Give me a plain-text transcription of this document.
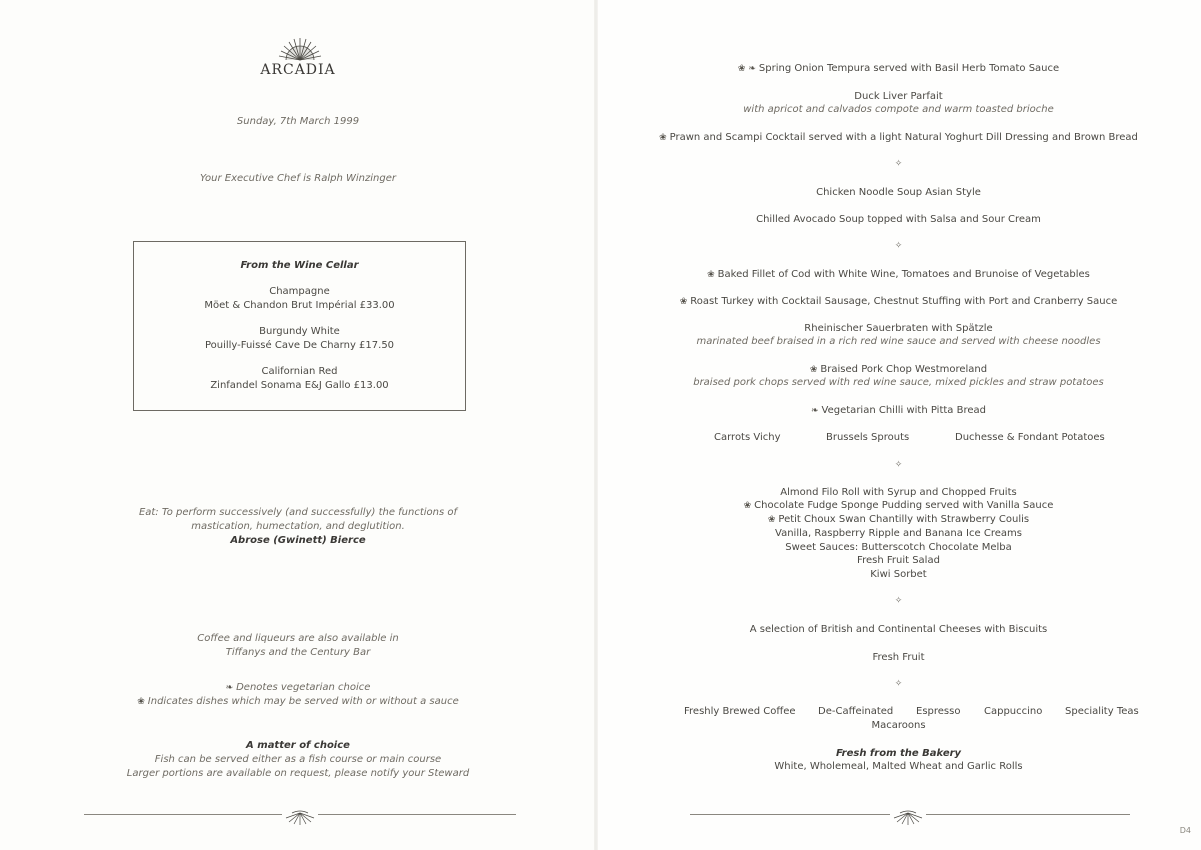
ARCADIA
Sunday, 7th March 1999
Your Executive Chef is Ralph Winzinger
From the Wine Cellar
Champagne
Möet & Chandon Brut Impérial £33.00
Burgundy White
Pouilly-Fuissé Cave De Charny £17.50
Californian Red
Zinfandel Sonama E&J Gallo £13.00
Eat: To perform successively (and successfully) the functions of
mastication, humectation, and deglutition.
Abrose (Gwinett) Bierce
Coffee and liqueurs are also available in
Tiffanys and the Century Bar
❧ Denotes vegetarian choice
❀ Indicates dishes which may be served with or without a sauce
A matter of choice
Fish can be served either as a fish course or main course
Larger portions are available on request, please notify your Steward
❀ ❧ Spring Onion Tempura served with Basil Herb Tomato Sauce
Duck Liver Parfait
with apricot and calvados compote and warm toasted brioche
❀ Prawn and Scampi Cocktail served with a light Natural Yoghurt Dill Dressing and Brown Bread
✧
Chicken Noodle Soup Asian Style
Chilled Avocado Soup topped with Salsa and Sour Cream
✧
❀ Baked Fillet of Cod with White Wine, Tomatoes and Brunoise of Vegetables
❀ Roast Turkey with Cocktail Sausage, Chestnut Stuffing with Port and Cranberry Sauce
Rheinischer Sauerbraten with Spätzle
marinated beef braised in a rich red wine sauce and served with cheese noodles
❀ Braised Pork Chop Westmoreland
braised pork chops served with red wine sauce, mixed pickles and straw potatoes
❧ Vegetarian Chilli with Pitta Bread
Carrots Vichy	Brussels Sprouts	Duchesse & Fondant Potatoes
✧
Almond Filo Roll with Syrup and Chopped Fruits
❀ Chocolate Fudge Sponge Pudding served with Vanilla Sauce
❀ Petit Choux Swan Chantilly with Strawberry Coulis
Vanilla, Raspberry Ripple and Banana Ice Creams
Sweet Sauces: Butterscotch Chocolate Melba
Fresh Fruit Salad
Kiwi Sorbet
✧
A selection of British and Continental Cheeses with Biscuits
Fresh Fruit
✧
Freshly Brewed Coffee De-Caffeinated Espresso Cappuccino Speciality Teas
Macaroons
Fresh from the Bakery
White, Wholemeal, Malted Wheat and Garlic Rolls
D4
